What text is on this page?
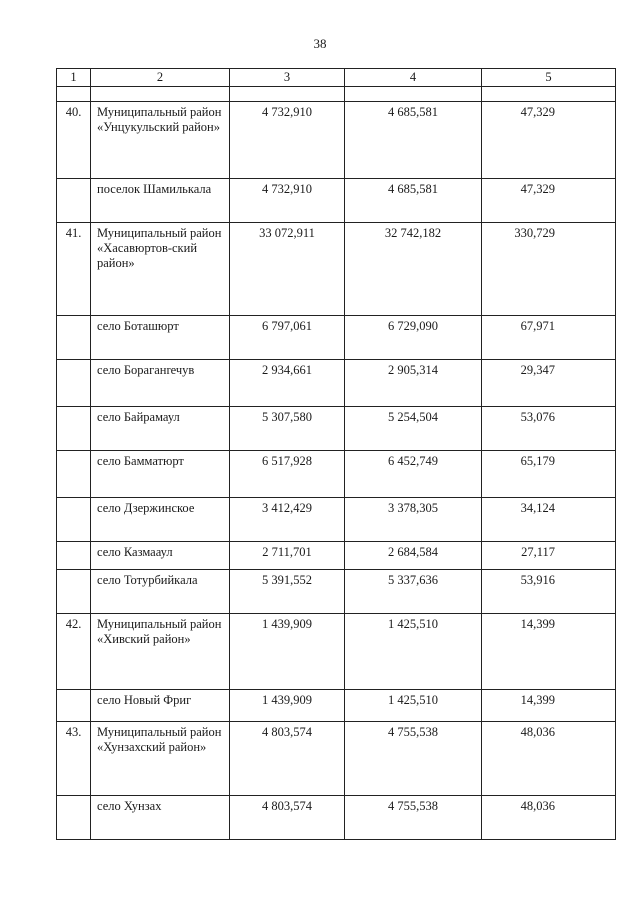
38
1	2	3	4	5

40.	Муниципальный район «Унцукульский район»	4 732,910	4 685,581	47,329
	поселок Шамилькала	4 732,910	4 685,581	47,329
41.	Муниципальный район «Хасавюртов-ский район»	33 072,911	32 742,182	330,729
	село Боташюрт	6 797,061	6 729,090	67,971
	село Бораганrечув	2 934,661	2 905,314	29,347
	село Байрамаул	5 307,580	5 254,504	53,076
	село Бамматюрт	6 517,928	6 452,749	65,179
	село Дзержинское	3 412,429	3 378,305	34,124
	село Казмааул	2 711,701	2 684,584	27,117
	село Тотурбийкала	5 391,552	5 337,636	53,916
42.	Муниципальный район «Хивский район»	1 439,909	1 425,510	14,399
	село Новый Фриг	1 439,909	1 425,510	14,399
43.	Муниципальный район «Хунзахский район»	4 803,574	4 755,538	48,036
	село Хунзах	4 803,574	4 755,538	48,036
